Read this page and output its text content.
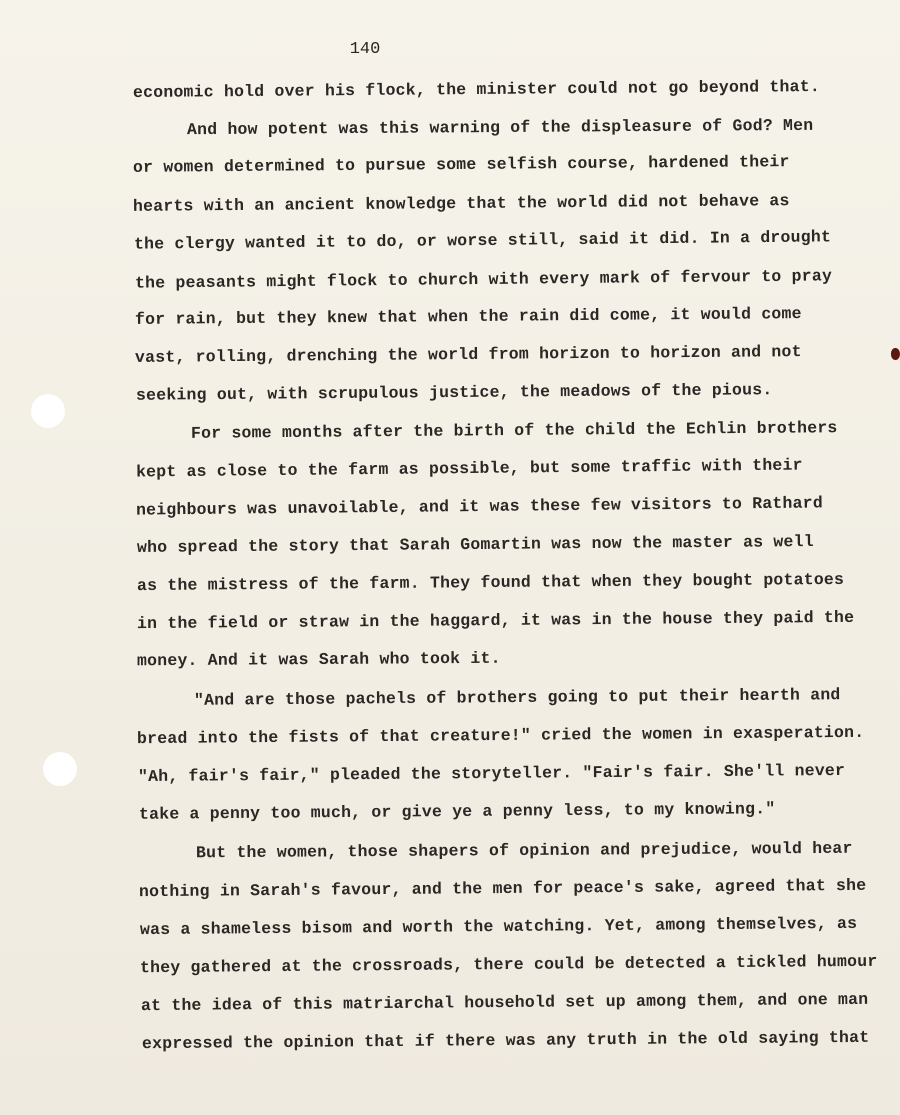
140
economic hold over his flock, the minister could not go beyond that.
And how potent was this warning of the displeasure of God? Men
or women determined to pursue some selfish course, hardened their
hearts with an ancient knowledge that the world did not behave as
the clergy wanted it to do, or worse still, said it did. In a drought
the peasants might flock to church with every mark of fervour to pray
for rain, but they knew that when the rain did come, it would come
vast, rolling, drenching the world from horizon to horizon and not
seeking out, with scrupulous justice, the meadows of the pious.
For some months after the birth of the child the Echlin brothers
kept as close to the farm as possible, but some traffic with their
neighbours was unavoilable, and it was these few visitors to Rathard
who spread the story that Sarah Gomartin was now the master as well
as the mistress of the farm. They found that when they bought potatoes
in the field or straw in the haggard, it was in the house they paid the
money. And it was Sarah who took it.
"And are those pachels of brothers going to put their hearth and
bread into the fists of that creature!" cried the women in exasperation.
"Ah, fair's fair," pleaded the storyteller. "Fair's fair. She'll never
take a penny too much, or give ye a penny less, to my knowing."
But the women, those shapers of opinion and prejudice, would hear
nothing in Sarah's favour, and the men for peace's sake, agreed that she
was a shameless bisom and worth the watching. Yet, among themselves, as
they gathered at the crossroads, there could be detected a tickled humour
at the idea of this matriarchal household set up among them, and one man
expressed the opinion that if there was any truth in the old saying that
